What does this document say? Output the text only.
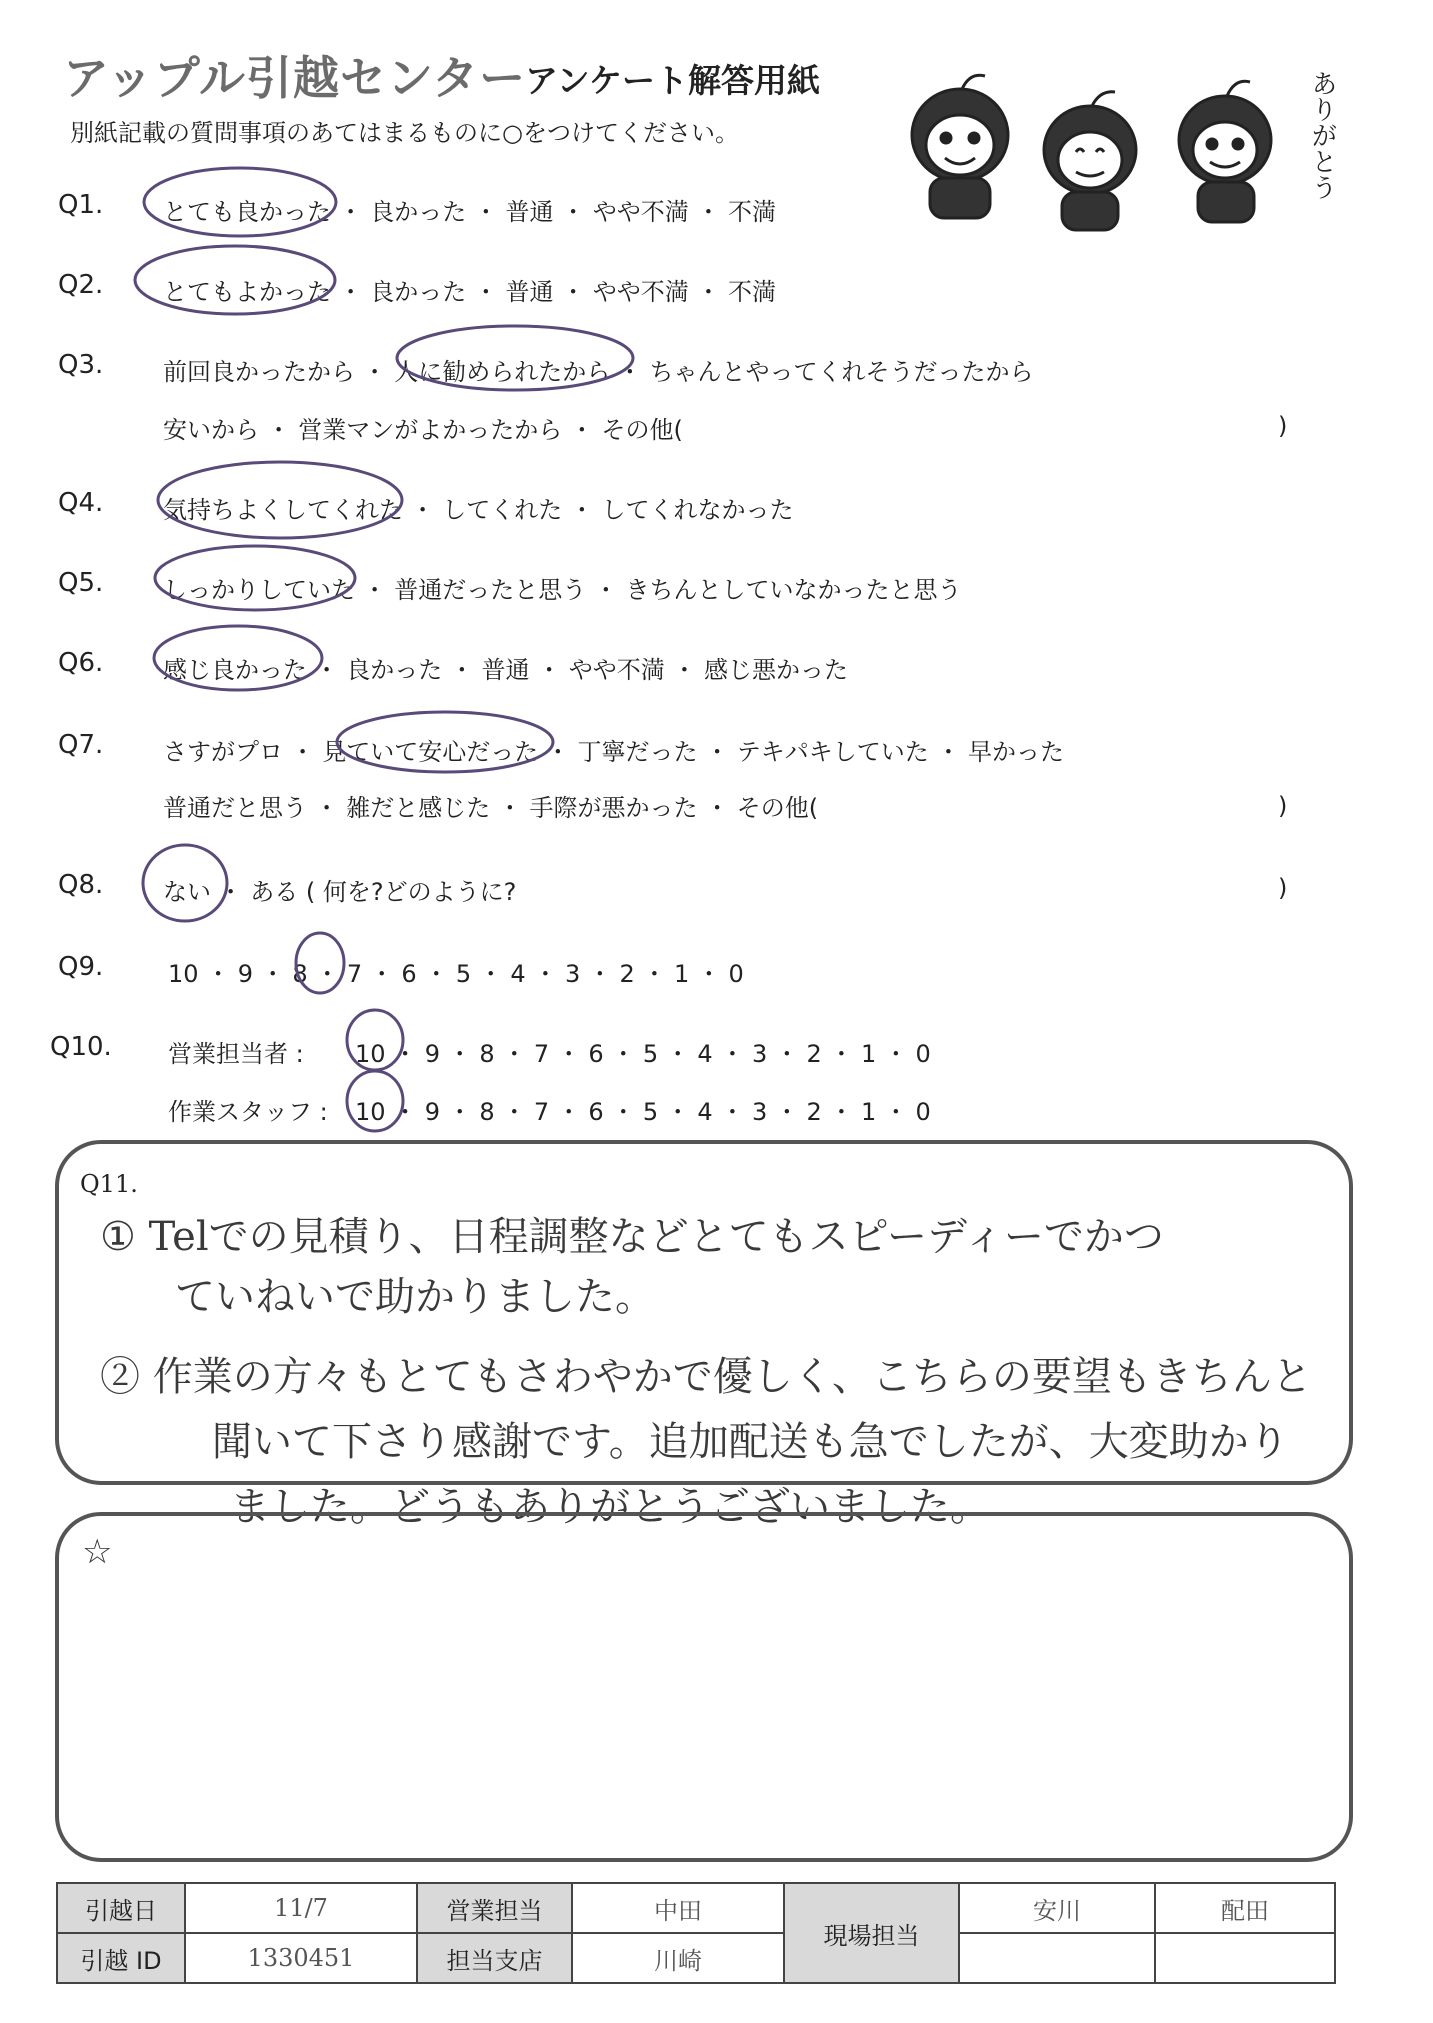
アップル引越センター
アンケート解答用紙
別紙記載の質問事項のあてはまるものに○をつけてください。	ありがとう
Q1. とても良かった ・ 良かった ・ 普通 ・ やや不満 ・ 不満
Q2. とてもよかった ・ 良かった ・ 普通 ・ やや不満 ・ 不満
Q3. 前回良かったから ・ 人に勧められたから ・ ちゃんとやってくれそうだったから
安いから ・ 営業マンがよかったから ・ その他(	)
Q4. 気持ちよくしてくれた ・ してくれた ・ してくれなかった
Q5. しっかりしていた ・ 普通だったと思う ・ きちんとしていなかったと思う
Q6. 感じ良かった ・ 良かった ・ 普通 ・ やや不満 ・ 感じ悪かった
Q7. さすがプロ ・ 見ていて安心だった ・ 丁寧だった ・ テキパキしていた ・ 早かった
普通だと思う ・ 雑だと感じた ・ 手際が悪かった ・ その他(	)
Q8. ない ・ ある ( 何を?どのように?	)
Q9.	10 ・ 9 ・ 8 ・ 7 ・ 6 ・ 5 ・ 4 ・ 3 ・ 2 ・ 1 ・ 0
Q10. 営業担当者 : 10 ・ 9 ・ 8 ・ 7 ・ 6 ・ 5 ・ 4 ・ 3 ・ 2 ・ 1 ・ 0
作業スタッフ : 10 ・ 9 ・ 8 ・ 7 ・ 6 ・ 5 ・ 4 ・ 3 ・ 2 ・ 1 ・ 0
Q11.
① Telでの見積り、日程調整などとてもスピーディーでかつ
ていねいで助かりました。
② 作業の方々もとてもさわやかで優しく、こちらの要望もきちんと
聞いて下さり感謝です。追加配送も急でしたが、大変助かり
ました。どうもありがとうございました。
☆
引越日	11/7	営業担当	中田	現場担当	安川	配田
引越 ID	1330451	担当支店	川崎			
